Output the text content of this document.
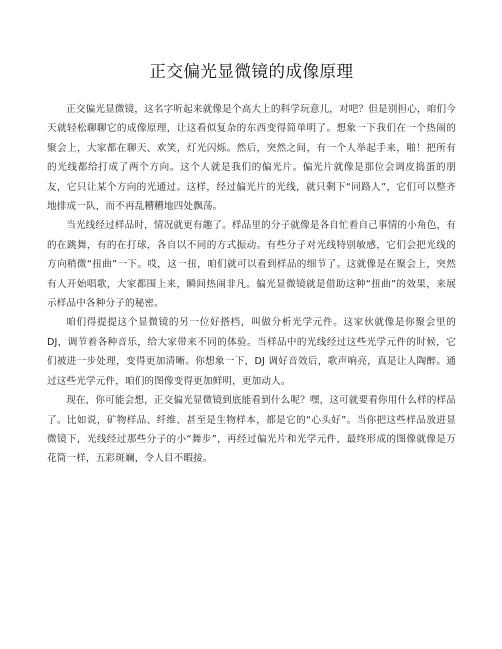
正交偏光显微镜的成像原理

正交偏光显微镜，这名字听起来就像是个高大上的科学玩意儿，对吧？但是别担心，咱们今天就轻松聊聊它的成像原理，让这看似复杂的东西变得简单明了。想象一下我们在一个热闹的聚会上，大家都在聊天、欢笑，灯光闪烁。然后，突然之间，有一个人举起手来，啪！把所有的光线都给打成了两个方向。这个人就是我们的偏光片。偏光片就像是那位会调皮捣蛋的朋友，它只让某个方向的光通过。这样，经过偏光片的光线，就只剩下“同路人”，它们可以整齐地排成一队，而不再乱糟糟地四处飘荡。

当光线经过样品时，情况就更有趣了。样品里的分子就像是各自忙着自己事情的小角色，有的在跳舞，有的在打球，各自以不同的方式振动。有些分子对光线特别敏感，它们会把光线的方向稍微“扭曲”一下。哎，这一扭，咱们就可以看到样品的细节了。这就像是在聚会上，突然有人开始唱歌，大家都围上来，瞬间热闹非凡。偏光显微镜就是借助这种“扭曲”的效果，来展示样品中各种分子的秘密。

咱们得提提这个显微镜的另一位好搭档，叫做分析光学元件。这家伙就像是你聚会里的 DJ，调节着各种音乐，给大家带来不同的体验。当样品中的光线经过这些光学元件的时候，它们被进一步处理，变得更加清晰。你想象一下，DJ 调好音效后，歌声响亮，真是让人陶醉。通过这些光学元件，咱们的图像变得更加鲜明，更加动人。

现在，你可能会想，正交偏光显微镜到底能看到什么呢？嘿，这可就要看你用什么样的样品了。比如说，矿物样品、纤维、甚至是生物样本，都是它的“心头好”。当你把这些样品放进显微镜下，光线经过那些分子的小“舞步”，再经过偏光片和光学元件，最终形成的图像就像是万花筒一样，五彩斑斓，令人目不暇接。
